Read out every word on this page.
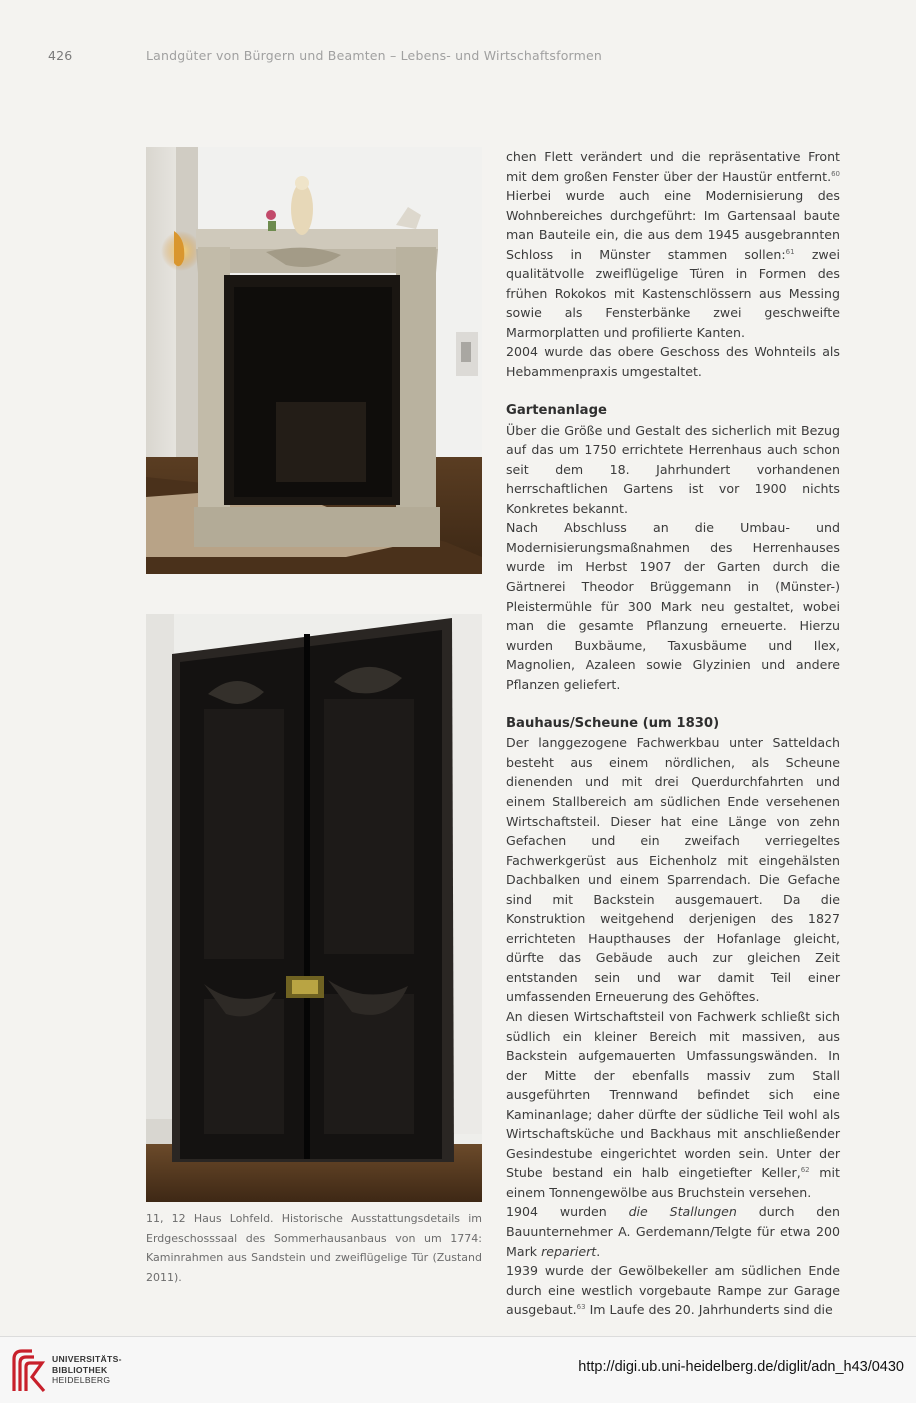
426	Landgüter von Bürgern und Beamten – Lebens- und Wirtschaftsformen
11, 12 Haus Lohfeld. Historische Ausstattungsdetails im Erdgeschosssaal des Sommerhausanbaus von um 1774: Kaminrahmen aus Sandstein und zweiflügelige Tür (Zustand 2011).

chen Flett verändert und die repräsentative Front mit dem großen Fenster über der Haustür entfernt.$^{60}$ Hierbei wurde auch eine Modernisierung des Wohnbereiches durchgeführt: Im Gartensaal baute man Bauteile ein, die aus dem 1945 ausgebrannten Schloss in Münster stammen sollen:$^{61}$ zwei qualitätvolle zweiflügelige Türen in Formen des frühen Rokokos mit Kastenschlössern aus Messing sowie als Fensterbänke zwei geschweifte Marmorplatten und profilierte Kanten.

2004 wurde das obere Geschoss des Wohnteils als Hebammenpraxis umgestaltet.

Gartenanlage

Über die Größe und Gestalt des sicherlich mit Bezug auf das um 1750 errichtete Herrenhaus auch schon seit dem 18. Jahrhundert vorhandenen herrschaftlichen Gartens ist vor 1900 nichts Konkretes bekannt.

Nach Abschluss an die Umbau- und Modernisierungsmaßnahmen des Herrenhauses wurde im Herbst 1907 der Garten durch die Gärtnerei Theodor Brüggemann in (Münster-) Pleistermühle für 300 Mark neu gestaltet, wobei man die gesamte Pflanzung erneuerte. Hierzu wurden Buxbäume, Taxusbäume und Ilex, Magnolien, Azaleen sowie Glyzinien und andere Pflanzen geliefert.

Bauhaus/Scheune (um 1830)

Der langgezogene Fachwerkbau unter Satteldach besteht aus einem nördlichen, als Scheune dienenden und mit drei Querdurchfahrten und einem Stallbereich am südlichen Ende versehenen Wirtschaftsteil. Dieser hat eine Länge von zehn Gefachen und ein zweifach verriegeltes Fachwerkgerüst aus Eichenholz mit eingehälsten Dachbalken und einem Sparrendach. Die Gefache sind mit Backstein ausgemauert. Da die Konstruktion weitgehend derjenigen des 1827 errichteten Haupthauses der Hofanlage gleicht, dürfte das Gebäude auch zur gleichen Zeit entstanden sein und war damit Teil einer umfassenden Erneuerung des Gehöftes.

An diesen Wirtschaftsteil von Fachwerk schließt sich südlich ein kleiner Bereich mit massiven, aus Backstein aufgemauerten Umfassungswänden. In der Mitte der ebenfalls massiv zum Stall ausgeführten Trennwand befindet sich eine Kaminanlage; daher dürfte der südliche Teil wohl als Wirtschaftsküche und Backhaus mit anschließender Gesindestube eingerichtet worden sein. Unter der Stube bestand ein halb eingetiefter Keller,$^{62}$ mit einem Tonnengewölbe aus Bruchstein versehen.

1904 wurden die Stallungen durch den Bauunternehmer A. Gerdemann/Telgte für etwa 200 Mark repariert.

1939 wurde der Gewölbekeller am südlichen Ende durch eine westlich vorgebaute Rampe zur Garage ausgebaut.$^{63}$ Im Laufe des 20. Jahrhunderts sind die

UNIVERSITÄTS-
BIBLIOTHEK
HEIDELBERG
http://digi.ub.uni-heidelberg.de/diglit/adn_h43/0430
